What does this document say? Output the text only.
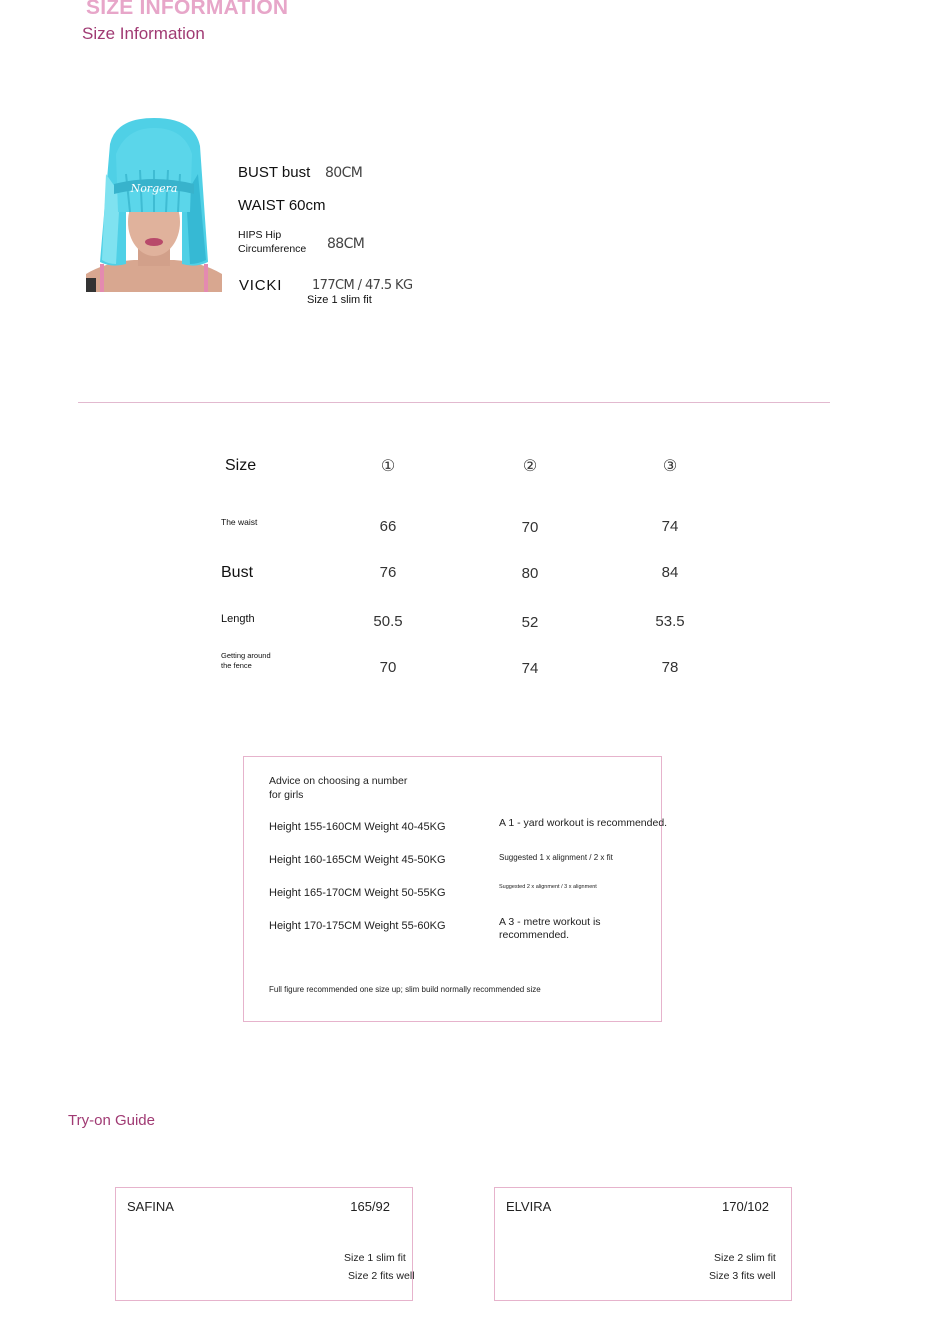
SIZE INFORMATION
Size Information
Norgera
BUST bust 80CM
WAIST 60cm
HIPS Hip
Circumference 88CM
VICKI 177CM / 47.5 KG
Size 1 slim fit
Size	①	②	③
The waist	66	70	74
Bust	76	80	84
Length	50.5	52	53.5
Getting around
the fence	70	74	78
Advice on choosing a number
for girls
Height 155-160CM Weight 40-45KG	A 1 - yard workout is recommended.
Height 160-165CM Weight 45-50KG	Suggested 1 x alignment / 2 x fit
Height 165-170CM Weight 50-55KG	Suggested 2 x alignment / 3 x alignment
Height 170-175CM Weight 55-60KG	A 3 - metre workout is
recommended.
Full figure recommended one size up; slim build normally recommended size
Try-on Guide
SAFINA	165/92
Size 1 slim fit
Size 2 fits well
ELVIRA	170/102
Size 2 slim fit
Size 3 fits well
